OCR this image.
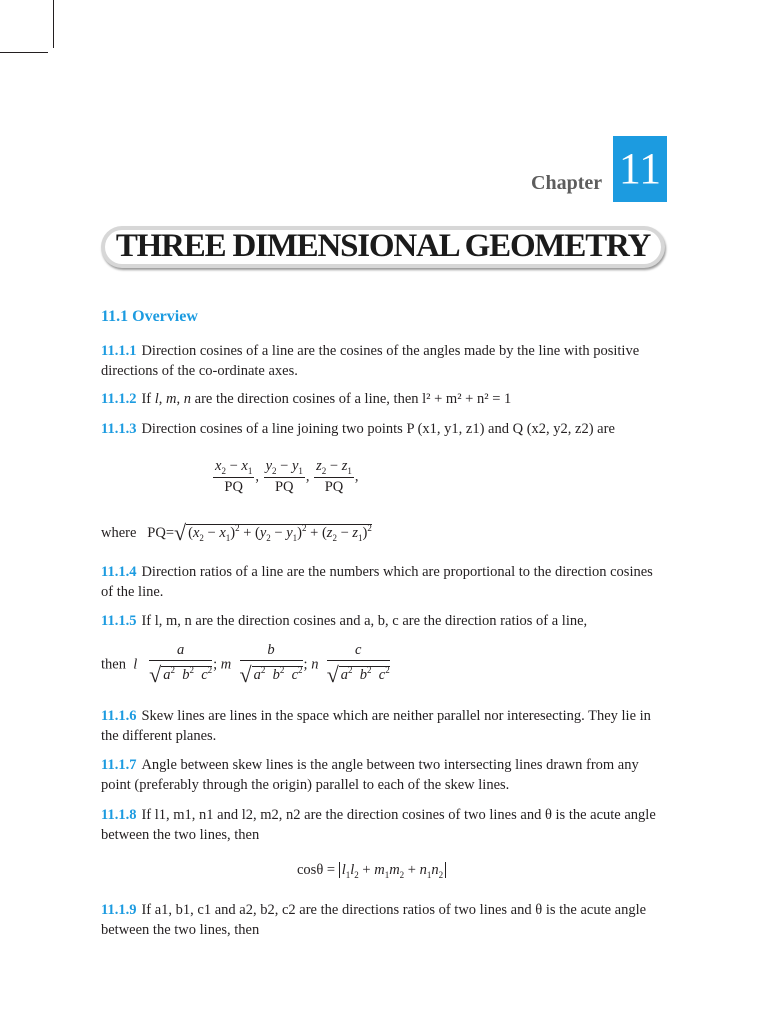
Chapter 11
THREE DIMENSIONAL GEOMETRY
11.1 Overview
11.1.1 Direction cosines of a line are the cosines of the angles made by the line with positive directions of the co-ordinate axes.
11.1.2 If l, m, n are the direction cosines of a line, then l² + m² + n² = 1
11.1.3 Direction cosines of a line joining two points P (x1, y1, z1) and Q (x2, y2, z2) are
$\frac{x_2 - x_1}{PQ}$ , $\frac{y_2 - y_1}{PQ}$ , $\frac{z_2 - z_1}{PQ}$ ,
where   PQ=√ $(x_2 - x_1)^2 + (y_2 - y_1)^2 + (z_2 - z_1)^2$
11.1.4 Direction ratios of a line are the numbers which are proportional to the direction cosines of the line.
11.1.5 If l, m, n are the direction cosines and a, b, c are the direction ratios of a line,
then l $\frac{a}{√ a^2 b^2 c^2}$ ; m $\frac{b}{√ a^2 b^2 c^2}$ ; n $\frac{c}{√ a^2 b^2 c^2}$
11.1.6 Skew lines are lines in the space which are neither parallel nor interesecting. They lie in the different planes.
11.1.7 Angle between skew lines is the angle between two intersecting lines drawn from any point (preferably through the origin) parallel to each of the skew lines.
11.1.8 If l1, m1, n1 and l2, m2, n2 are the direction cosines of two lines and θ is the acute angle between the two lines, then
$\cos\theta = l_1l_2 + m_1m_2 + n_1n_2$
11.1.9 If a1, b1, c1 and a2, b2, c2 are the directions ratios of two lines and θ is the acute angle between the two lines, then
